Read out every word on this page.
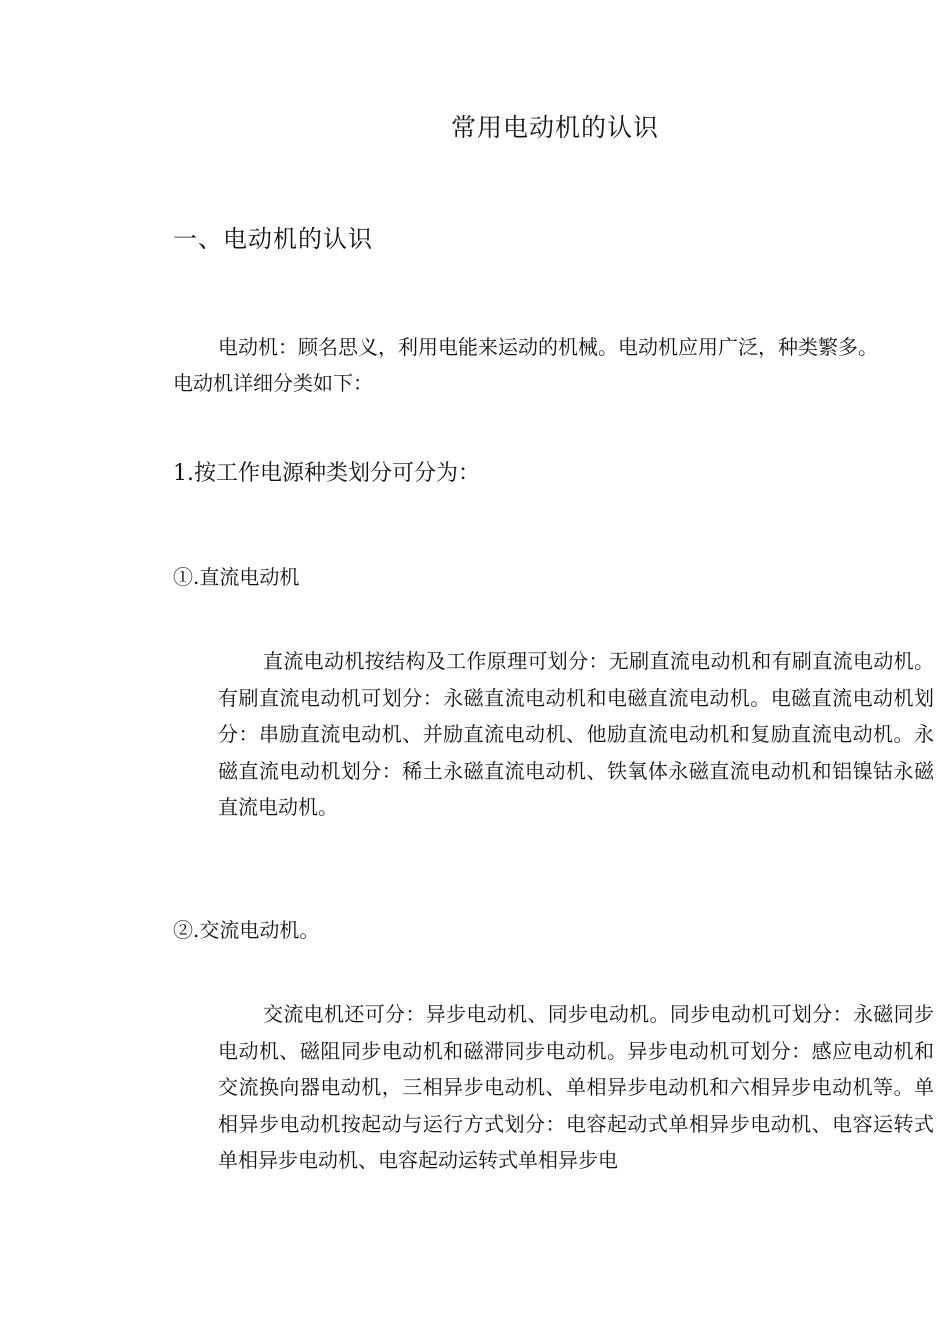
常用电动机的认识
一、电动机的认识
电动机：顾名思义，利用电能来运动的机械。电动机应用广泛，种类繁多。
电动机详细分类如下：
1.按工作电源种类划分可分为：
①.直流电动机
直流电动机按结构及工作原理可划分：无刷直流电动机和有刷直流电动机。有刷直流电动机可划分：永磁直流电动机和电磁直流电动机。电磁直流电动机划分：串励直流电动机、并励直流电动机、他励直流电动机和复励直流电动机。永磁直流电动机划分：稀土永磁直流电动机、铁氧体永磁直流电动机和铝镍钴永磁直流电动机。
②.交流电动机。
交流电机还可分：异步电动机、同步电动机。同步电动机可划分：永磁同步电动机、磁阻同步电动机和磁滞同步电动机。异步电动机可划分：感应电动机和交流换向器电动机，三相异步电动机、单相异步电动机和六相异步电动机等。单相异步电动机按起动与运行方式划分：电容起动式单相异步电动机、电容运转式单相异步电动机、电容起动运转式单相异步电
